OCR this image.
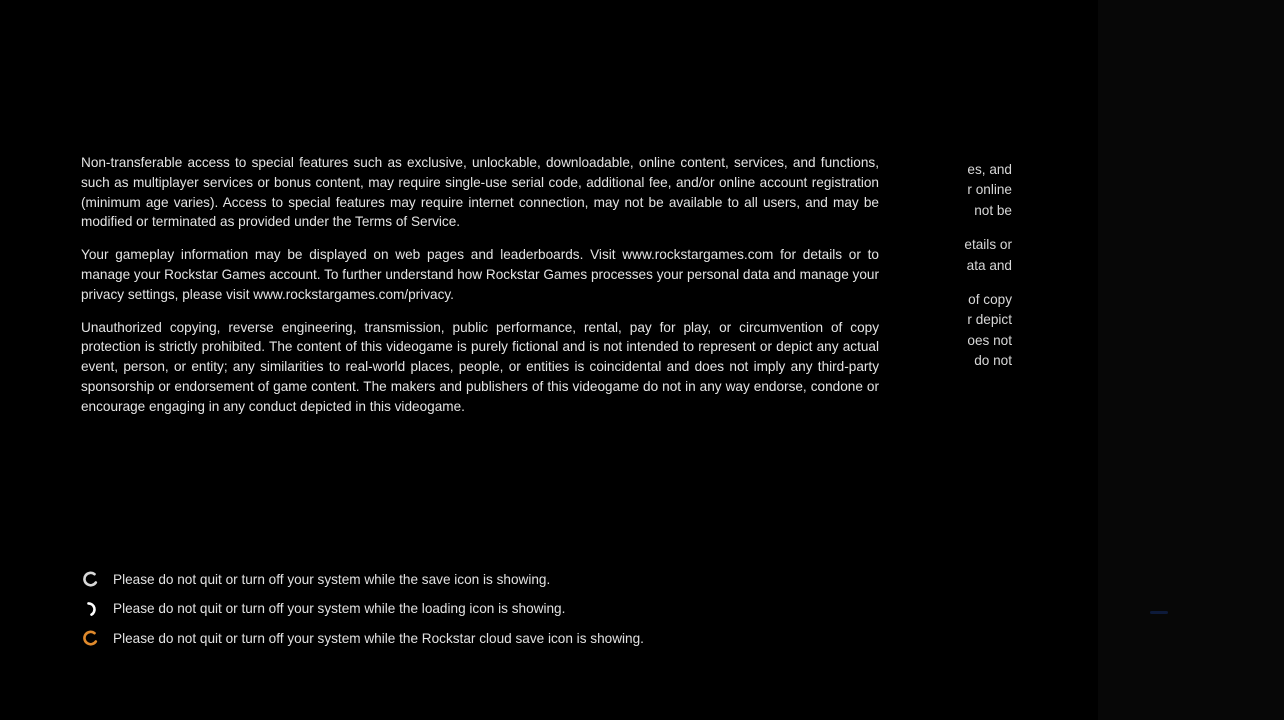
Non-transferable access to special features such as exclusive, unlockable, downloadable, online content, services, and functions, such as multiplayer services or bonus content, may require single-use serial code, additional fee, and/or online account registration (minimum age varies). Access to special features may require internet connection, may not be available to all users, and may be modified or terminated as provided under the Terms of Service.

Your gameplay information may be displayed on web pages and leaderboards. Visit www.rockstargames.com for details or to manage your Rockstar Games account. To further understand how Rockstar Games processes your personal data and manage your privacy settings, please visit www.rockstargames.com/privacy.

Unauthorized copying, reverse engineering, transmission, public performance, rental, pay for play, or circumvention of copy protection is strictly prohibited. The content of this videogame is purely fictional and is not intended to represent or depict any actual event, person, or entity; any similarities to real-world places, people, or entities is coincidental and does not imply any third-party sponsorship or endorsement of game content. The makers and publishers of this videogame do not in any way endorse, condone or encourage engaging in any conduct depicted in this videogame.

es, and
r online
not be
etails or
ata and
of copy
r depict
oes not
do not
Please do not quit or turn off your system while the save icon is showing.
Please do not quit or turn off your system while the loading icon is showing.
Please do not quit or turn off your system while the Rockstar cloud save icon is showing.
